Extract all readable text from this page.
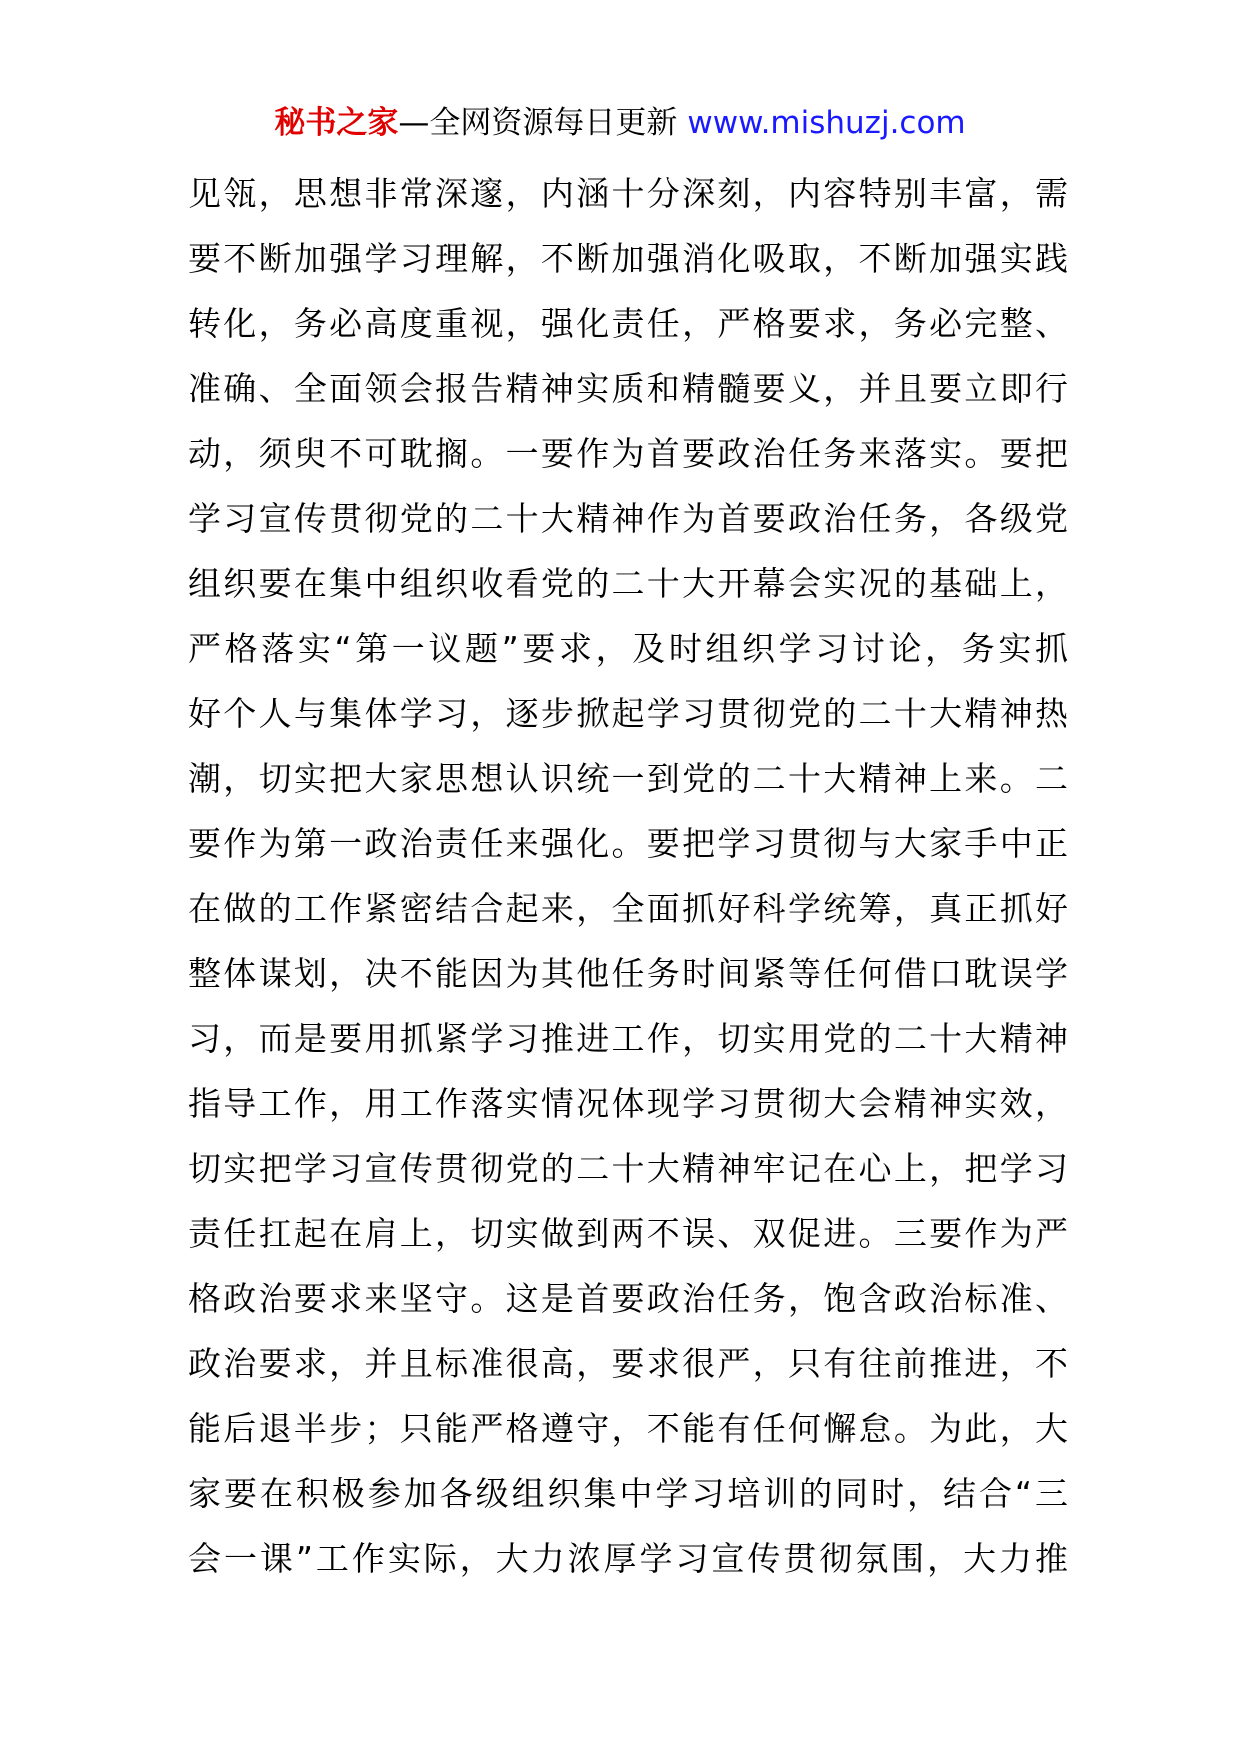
秘书之家—全网资源每日更新 www.mishuzj.com
见瓴，思想非常深邃，内涵十分深刻，内容特别丰富，需
要不断加强学习理解，不断加强消化吸取，不断加强实践
转化，务必高度重视，强化责任，严格要求，务必完整、
准确、全面领会报告精神实质和精髓要义，并且要立即行
动，须臾不可耽搁。一要作为首要政治任务来落实。要把
学习宣传贯彻党的二十大精神作为首要政治任务，各级党
组织要在集中组织收看党的二十大开幕会实况的基础上，
严格落实“第一议题”要求，及时组织学习讨论，务实抓
好个人与集体学习，逐步掀起学习贯彻党的二十大精神热
潮，切实把大家思想认识统一到党的二十大精神上来。二
要作为第一政治责任来强化。要把学习贯彻与大家手中正
在做的工作紧密结合起来，全面抓好科学统筹，真正抓好
整体谋划，决不能因为其他任务时间紧等任何借口耽误学
习，而是要用抓紧学习推进工作，切实用党的二十大精神
指导工作，用工作落实情况体现学习贯彻大会精神实效，
切实把学习宣传贯彻党的二十大精神牢记在心上，把学习
责任扛起在肩上，切实做到两不误、双促进。三要作为严
格政治要求来坚守。这是首要政治任务，饱含政治标准、
政治要求，并且标准很高，要求很严，只有往前推进，不
能后退半步；只能严格遵守，不能有任何懈怠。为此，大
家要在积极参加各级组织集中学习培训的同时，结合“三
会一课”工作实际，大力浓厚学习宣传贯彻氛围，大力推
